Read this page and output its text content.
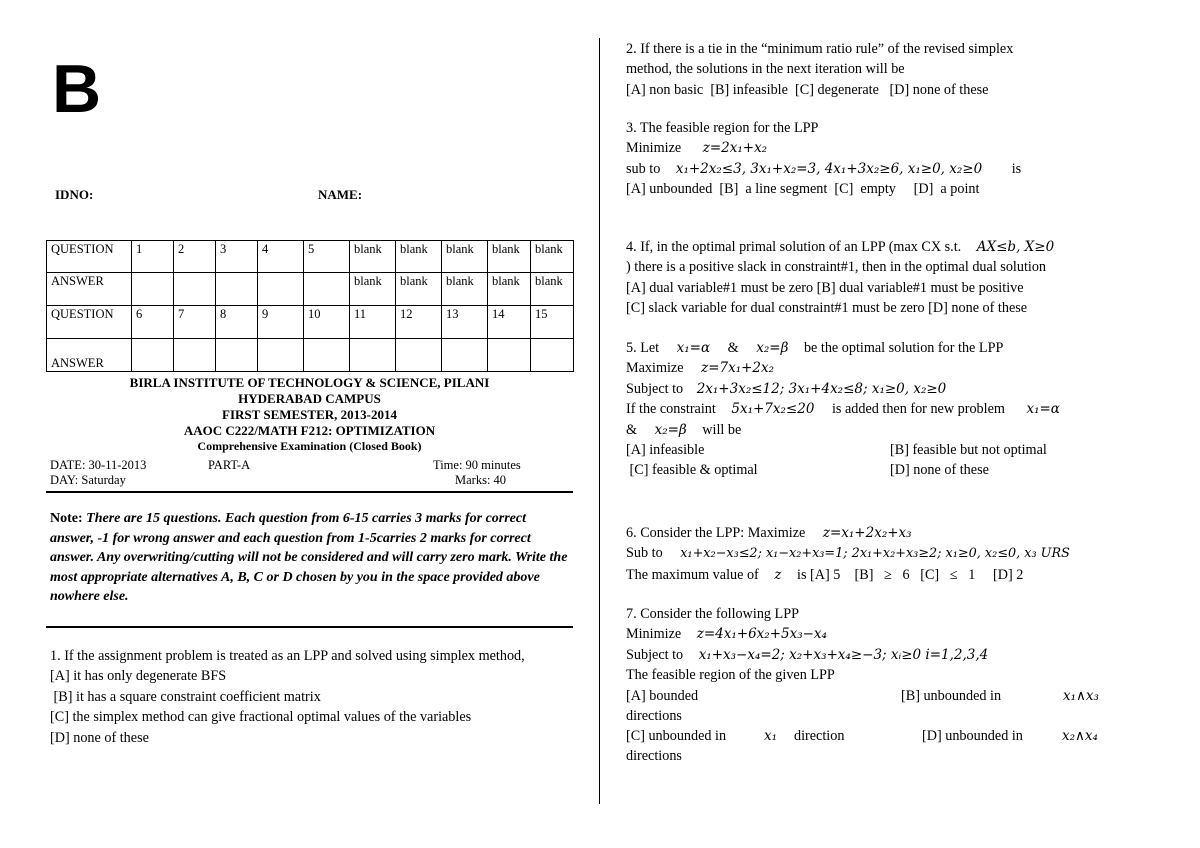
B
IDNO:	NAME:
QUESTION	1	2	3	4	5	blank	blank	blank	blank	blank
ANSWER						blank	blank	blank	blank	blank
QUESTION	6	7	8	9	10	11	12	13	14	15
ANSWER										
BIRLA INSTITUTE OF TECHNOLOGY & SCIENCE, PILANI
HYDERABAD CAMPUS
FIRST SEMESTER, 2013-2014
AAOC C222/MATH F212: OPTIMIZATION
Comprehensive Examination (Closed Book)
DATE: 30-11-2013	PART-A	Time: 90 minutes
DAY: Saturday	Marks: 40
Note: There are 15 questions. Each question from 6-15 carries 3 marks for correct answer, -1 for wrong answer and each question from 1-5carries 2 marks for correct answer. Any overwriting/cutting will not be considered and will carry zero mark. Write the most appropriate alternatives A, B, C or D chosen by you in the space provided above nowhere else.
1. If the assignment problem is treated as an LPP and solved using simplex method,
[A] it has only degenerate BFS
[B] it has a square constraint coefficient matrix
[C] the simplex method can give fractional optimal values of the variables
[D] none of these
2. If there is a tie in the “minimum ratio rule” of the revised simplex
method, the solutions in the next iteration will be
[A] non basic  [B] infeasible  [C] degenerate   [D] none of these
3. The feasible region for the LPP
Minimize z=2x₁+x₂
sub to x₁+2x₂≤3, 3x₁+x₂=3, 4x₁+3x₂≥6, x₁≥0, x₂≥0 is
[A] unbounded  [B]  a line segment  [C]  empty     [D]  a point
4. If, in the optimal primal solution of an LPP (max CX s.t. AX≤b, X≥0
) there is a positive slack in constraint#1, then in the optimal dual solution
[A] dual variable#1 must be zero [B] dual variable#1 must be positive
[C] slack variable for dual constraint#1 must be zero [D] none of these
5. Let x₁=α & x₂=β be the optimal solution for the LPP
Maximize z=7x₁+2x₂
Subject to 2x₁+3x₂≤12; 3x₁+4x₂≤8; x₁≥0, x₂≥0
If the constraint 5x₁+7x₂≤20 is added then for new problem x₁=α
& x₂=β will be
[A] infeasible	[B] feasible but not optimal
[C] feasible & optimal	[D] none of these
6. Consider the LPP: Maximize z=x₁+2x₂+x₃
Sub to x₁+x₂−x₃≤2; x₁−x₂+x₃=1; 2x₁+x₂+x₃≥2; x₁≥0, x₂≤0, x₃ URS
The maximum value of z is [A] 5    [B]   ≥   6   [C]   ≤   1     [D] 2
7. Consider the following LPP
Minimize z=4x₁+6x₂+5x₃−x₄
Subject to x₁+x₃−x₄=2; x₂+x₃+x₄≥−3; xᵢ≥0 i=1,2,3,4
The feasible region of the given LPP
[A] bounded	[B] unbounded in	x₁∧x₃
directions
[C] unbounded in	x₁ direction	[D] unbounded in	x₂∧x₄
directions
